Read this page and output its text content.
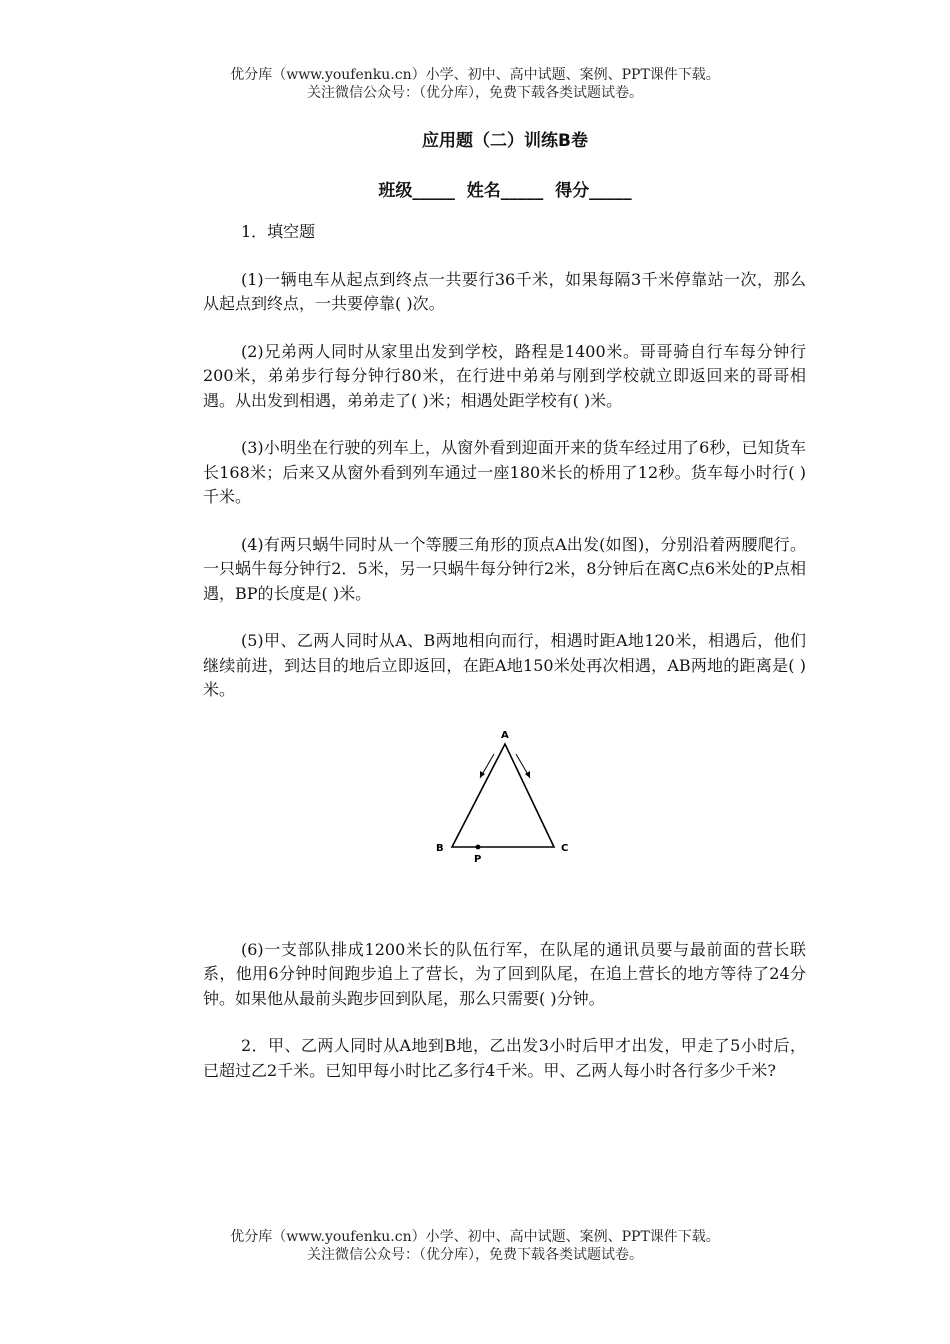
优分库（www.youfenku.cn）小学、初中、高中试题、案例、PPT课件下载。
关注微信公众号：（优分库），免费下载各类试题试卷。
应用题（二）训练B卷
班级_____  姓名_____  得分_____

1．填空题

(1)一辆电车从起点到终点一共要行36千米，如果每隔3千米停靠站一次，那么从起点到终点，一共要停靠( )次。

(2)兄弟两人同时从家里出发到学校，路程是1400米。哥哥骑自行车每分钟行200米，弟弟步行每分钟行80米，在行进中弟弟与刚到学校就立即返回来的哥哥相遇。从出发到相遇，弟弟走了( )米；相遇处距学校有( )米。

(3)小明坐在行驶的列车上，从窗外看到迎面开来的货车经过用了6秒，已知货车长168米；后来又从窗外看到列车通过一座180米长的桥用了12秒。货车每小时行( )千米。

(4)有两只蜗牛同时从一个等腰三角形的顶点A出发(如图)，分别沿着两腰爬行。一只蜗牛每分钟行2．5米，另一只蜗牛每分钟行2米，8分钟后在离C点6米处的P点相遇，BP的长度是( )米。

(5)甲、乙两人同时从A、B两地相向而行，相遇时距A地120米，相遇后，他们继续前进，到达目的地后立即返回，在距A地150米处再次相遇，AB两地的距离是( )米。

A
B	C
P

(6)一支部队排成1200米长的队伍行军，在队尾的通讯员要与最前面的营长联系，他用6分钟时间跑步追上了营长，为了回到队尾，在追上营长的地方等待了24分钟。如果他从最前头跑步回到队尾，那么只需要( )分钟。

2．甲、乙两人同时从A地到B地，乙出发3小时后甲才出发，甲走了5小时后，已超过乙2千米。已知甲每小时比乙多行4千米。甲、乙两人每小时各行多少千米?

优分库（www.youfenku.cn）小学、初中、高中试题、案例、PPT课件下载。
关注微信公众号：（优分库），免费下载各类试题试卷。
